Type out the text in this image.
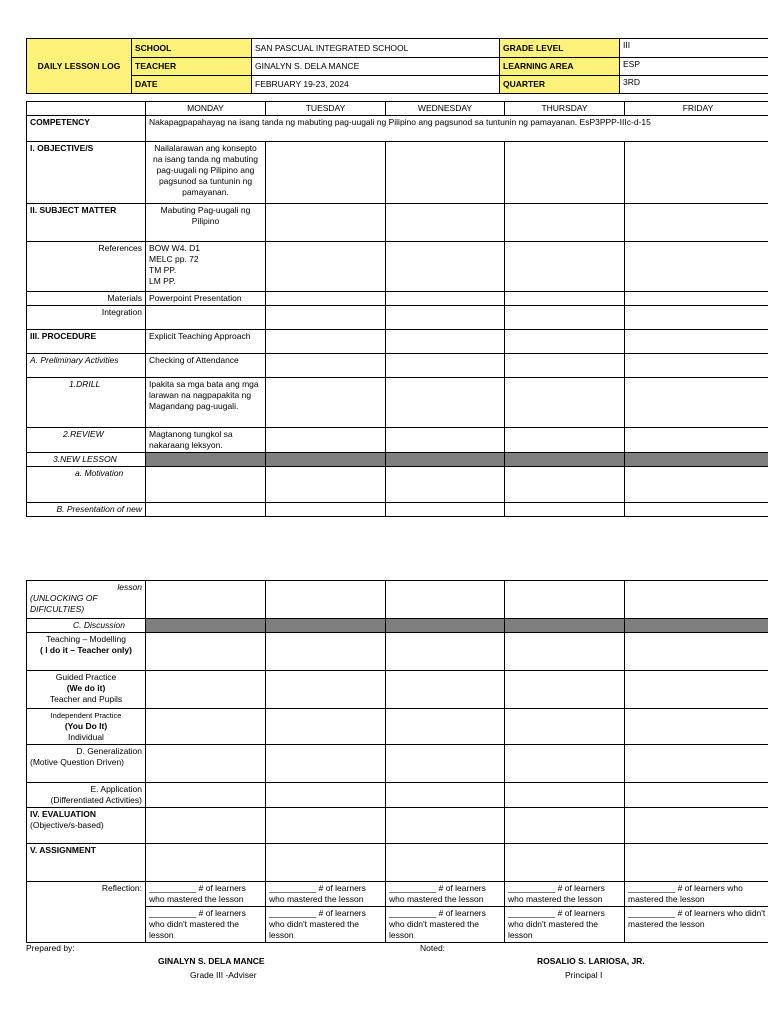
DAILY LESSON LOG	SCHOOL	SAN PASCUAL INTEGRATED SCHOOL	GRADE LEVEL	III
	TEACHER	GINALYN S. DELA MANCE	LEARNING AREA	ESP
	DATE	FEBRUARY 19-23, 2024	QUARTER	3RD
	MONDAY	TUESDAY	WEDNESDAY	THURSDAY	FRIDAY
COMPETENCY	Nakapagpapahayag na isang tanda ng mabuting pag-uugali ng Pilipino ang pagsunod sa tuntunin ng pamayanan. EsP3PPP-IIIc-d-15				
I. OBJECTIVE/S	Nailalarawan ang konsepto na isang tanda ng mabuting pag-uugali ng Pilipino ang pagsunod sa tuntunin ng pamayanan.				
II. SUBJECT MATTER	Mabuting Pag-uugali ng Pilipino				
References	BOW W4. D1
MELC pp. 72
TM PP.
LM PP.				
Materials	Powerpoint Presentation				
Integration					
III. PROCEDURE	Explicit Teaching Approach				
A. Preliminary Activities	Checking of Attendance				
1.DRILL	Ipakita sa mga bata ang mga larawan na nagpapakita ng Magandang pag-uugali.				
2.REVIEW	Magtanong tungkol sa nakaraang leksyon.				
3.NEW LESSON					
a. Motivation					
B. Presentation of new					
lesson
(UNLOCKING OF DIFICULTIES)					

C. Discussion					

Teaching – Modelling
( I do it – Teacher only)					

Guided Practice
(We do it)
Teacher and Pupils					

Independent Practice
(You Do It)
Individual					

D. Generalization
(Motive Question Driven)					

E. Application
(Differentiated Activities)					

IV. EVALUATION
(Objective/s-based)					

V. ASSIGNMENT					
Reflection:	__________ # of learners who mastered the lesson	__________ # of learners who mastered the lesson	__________ # of learners who mastered the lesson	__________ # of learners who mastered the lesson	__________ # of learners who mastered the lesson
	__________ # of learners who didn't mastered the lesson	__________ # of learners who didn't mastered the lesson	__________ # of learners who didn't mastered the lesson	__________ # of learners who didn't mastered the lesson	__________ # of learners who didn't mastered the lesson
Prepared by:	Noted:
GINALYN S. DELA MANCE
Grade III -Adviser
ROSALIO S. LARIOSA, JR.
Principal I
